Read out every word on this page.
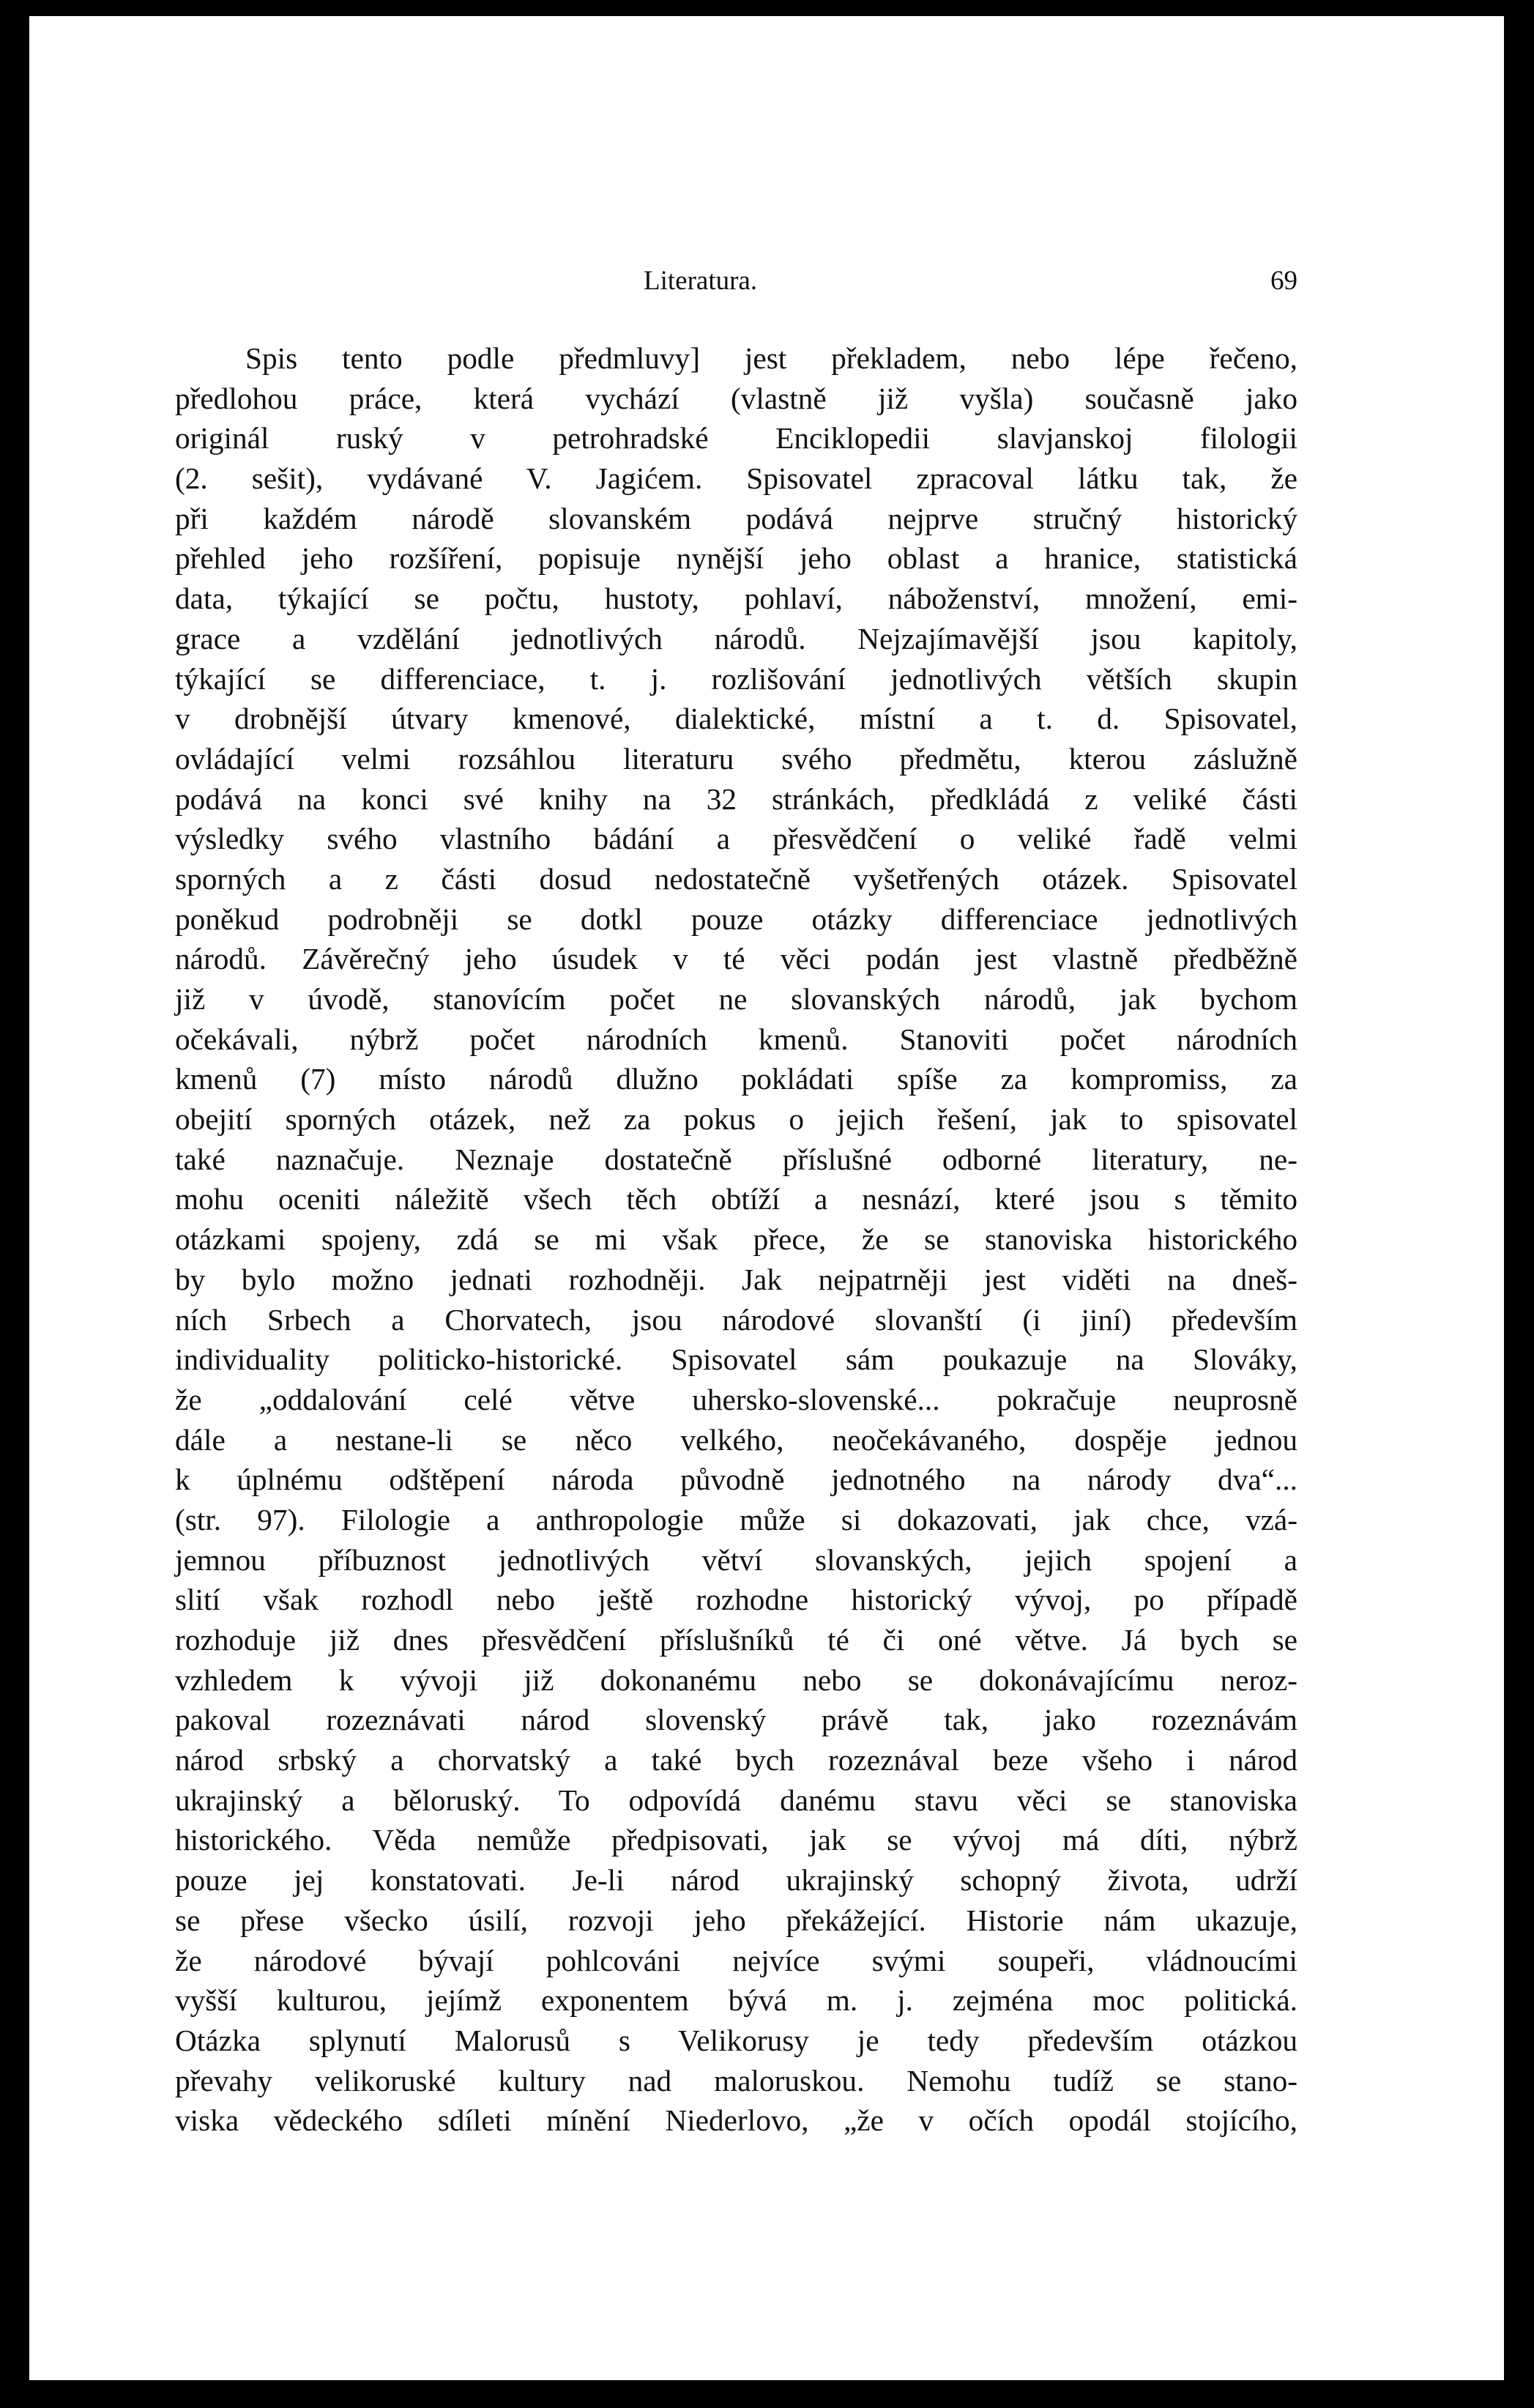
Literatura.	69
Spis tento podle předmluvy] jest překladem, nebo lépe řečeno,
předlohou práce, která vychází (vlastně již vyšla) současně jako
originál ruský v petrohradské Enciklopedii slavjanskoj filologii
(2. sešit), vydávané V. Jagićem. Spisovatel zpracoval látku tak, že
při každém národě slovanském podává nejprve stručný historický
přehled jeho rozšíření, popisuje nynější jeho oblast a hranice, statistická
data, týkající se počtu, hustoty, pohlaví, náboženství, množení, emi-
grace a vzdělání jednotlivých národů. Nejzajímavější jsou kapitoly,
týkající se differenciace, t. j. rozlišování jednotlivých větších skupin
v drobnější útvary kmenové, dialektické, místní a t. d. Spisovatel,
ovládající velmi rozsáhlou literaturu svého předmětu, kterou záslužně
podává na konci své knihy na 32 stránkách, předkládá z veliké části
výsledky svého vlastního bádání a přesvědčení o veliké řadě velmi
sporných a z části dosud nedostatečně vyšetřených otázek. Spisovatel
poněkud podrobněji se dotkl pouze otázky differenciace jednotlivých
národů. Závěrečný jeho úsudek v té věci podán jest vlastně předběžně
již v úvodě, stanovícím počet ne slovanských národů, jak bychom
očekávali, nýbrž počet národních kmenů. Stanoviti počet národních
kmenů (7) místo národů dlužno pokládati spíše za kompromiss, za
obejití sporných otázek, než za pokus o jejich řešení, jak to spisovatel
také naznačuje. Neznaje dostatečně příslušné odborné literatury, ne-
mohu oceniti náležitě všech těch obtíží a nesnází, které jsou s těmito
otázkami spojeny, zdá se mi však přece, že se stanoviska historického
by bylo možno jednati rozhodněji. Jak nejpatrněji jest viděti na dneš-
ních Srbech a Chorvatech, jsou národové slovanští (i jiní) především
individuality politicko-historické. Spisovatel sám poukazuje na Slováky,
že „oddalování celé větve uhersko-slovenské... pokračuje neuprosně
dále a nestane-li se něco velkého, neočekávaného, dospěje jednou
k úplnému odštěpení národa původně jednotného na národy dva“...
(str. 97). Filologie a anthropologie může si dokazovati, jak chce, vzá-
jemnou příbuznost jednotlivých větví slovanských, jejich spojení a
slití však rozhodl nebo ještě rozhodne historický vývoj, po případě
rozhoduje již dnes přesvědčení příslušníků té či oné větve. Já bych se
vzhledem k vývoji již dokonanému nebo se dokonávajícímu neroz-
pakoval rozeznávati národ slovenský právě tak, jako rozeznávám
národ srbský a chorvatský a také bych rozeznával beze všeho i národ
ukrajinský a běloruský. To odpovídá danému stavu věci se stanoviska
historického. Věda nemůže předpisovati, jak se vývoj má díti, nýbrž
pouze jej konstatovati. Je-li národ ukrajinský schopný života, udrží
se přese všecko úsilí, rozvoji jeho překážející. Historie nám ukazuje,
že národové bývají pohlcováni nejvíce svými soupeři, vládnoucími
vyšší kulturou, jejímž exponentem bývá m. j. zejména moc politická.
Otázka splynutí Malorusů s Velikorusy je tedy především otázkou
převahy velikoruské kultury nad maloruskou. Nemohu tudíž se stano-
viska vědeckého sdíleti mínění Niederlovo, „že v očích opodál stojícího,
